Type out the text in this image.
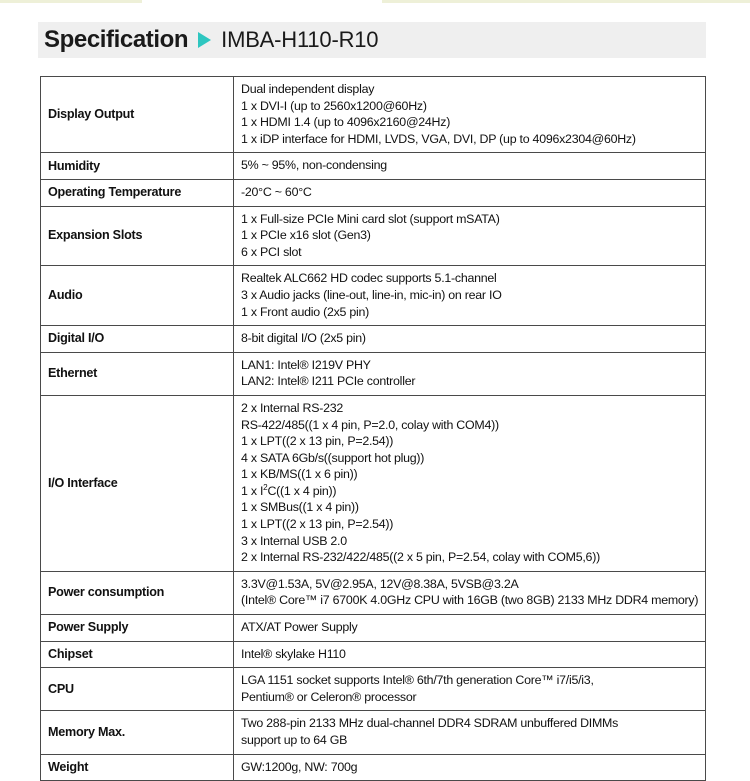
Specification IMBA-H110-R10
Display Output	Dual independent display
1 x DVI-I (up to 2560x1200@60Hz)
1 x HDMI 1.4 (up to 4096x2160@24Hz)
1 x iDP interface for HDMI, LVDS, VGA, DVI, DP (up to 4096x2304@60Hz)

Humidity	5% ~ 95%, non-condensing

Operating Temperature	-20°C ~ 60°C

Expansion Slots	1 x Full-size PCIe Mini card slot (support mSATA)
1 x PCIe x16 slot (Gen3)
6 x PCI slot

Audio	Realtek ALC662 HD codec supports 5.1-channel
3 x Audio jacks (line-out, line-in, mic-in) on rear IO
1 x Front audio (2x5 pin)

Digital I/O	8-bit digital I/O (2x5 pin)

Ethernet	LAN1: Intel® I219V PHY
LAN2: Intel® I211 PCIe controller

I/O Interface	
2 x Internal RS-232
RS-422/485((1 x 4 pin, P=2.0, colay with COM4))
1 x LPT((2 x 13 pin, P=2.54))
4 x SATA 6Gb/s((support hot plug))
1 x KB/MS((1 x 6 pin))
1 x $I^2C((1$ x 4 pin))
1 x SMBus((1 x 4 pin))
1 x LPT((2 x 13 pin, P=2.54))
3 x Internal USB 2.0
2 x Internal RS-232/422/485((2 x 5 pin, P=2.54, colay with COM5,6))

Power consumption	3.3V@1.53A, 5V@2.95A, 12V@8.38A, 5VSB@3.2A
(Intel® Core™ i7 6700K 4.0GHz CPU with 16GB (two 8GB) 2133 MHz DDR4 memory)

Power Supply	ATX/AT Power Supply

Chipset	Intel® skylake H110

CPU	LGA 1151 socket supports Intel® 6th/7th generation Core™ i7/i5/i3,
Pentium® or Celeron® processor

Memory Max.	Two 288-pin 2133 MHz dual-channel DDR4 SDRAM unbuffered DIMMs
support up to 64 GB

Weight	GW:1200g, NW: 700g
